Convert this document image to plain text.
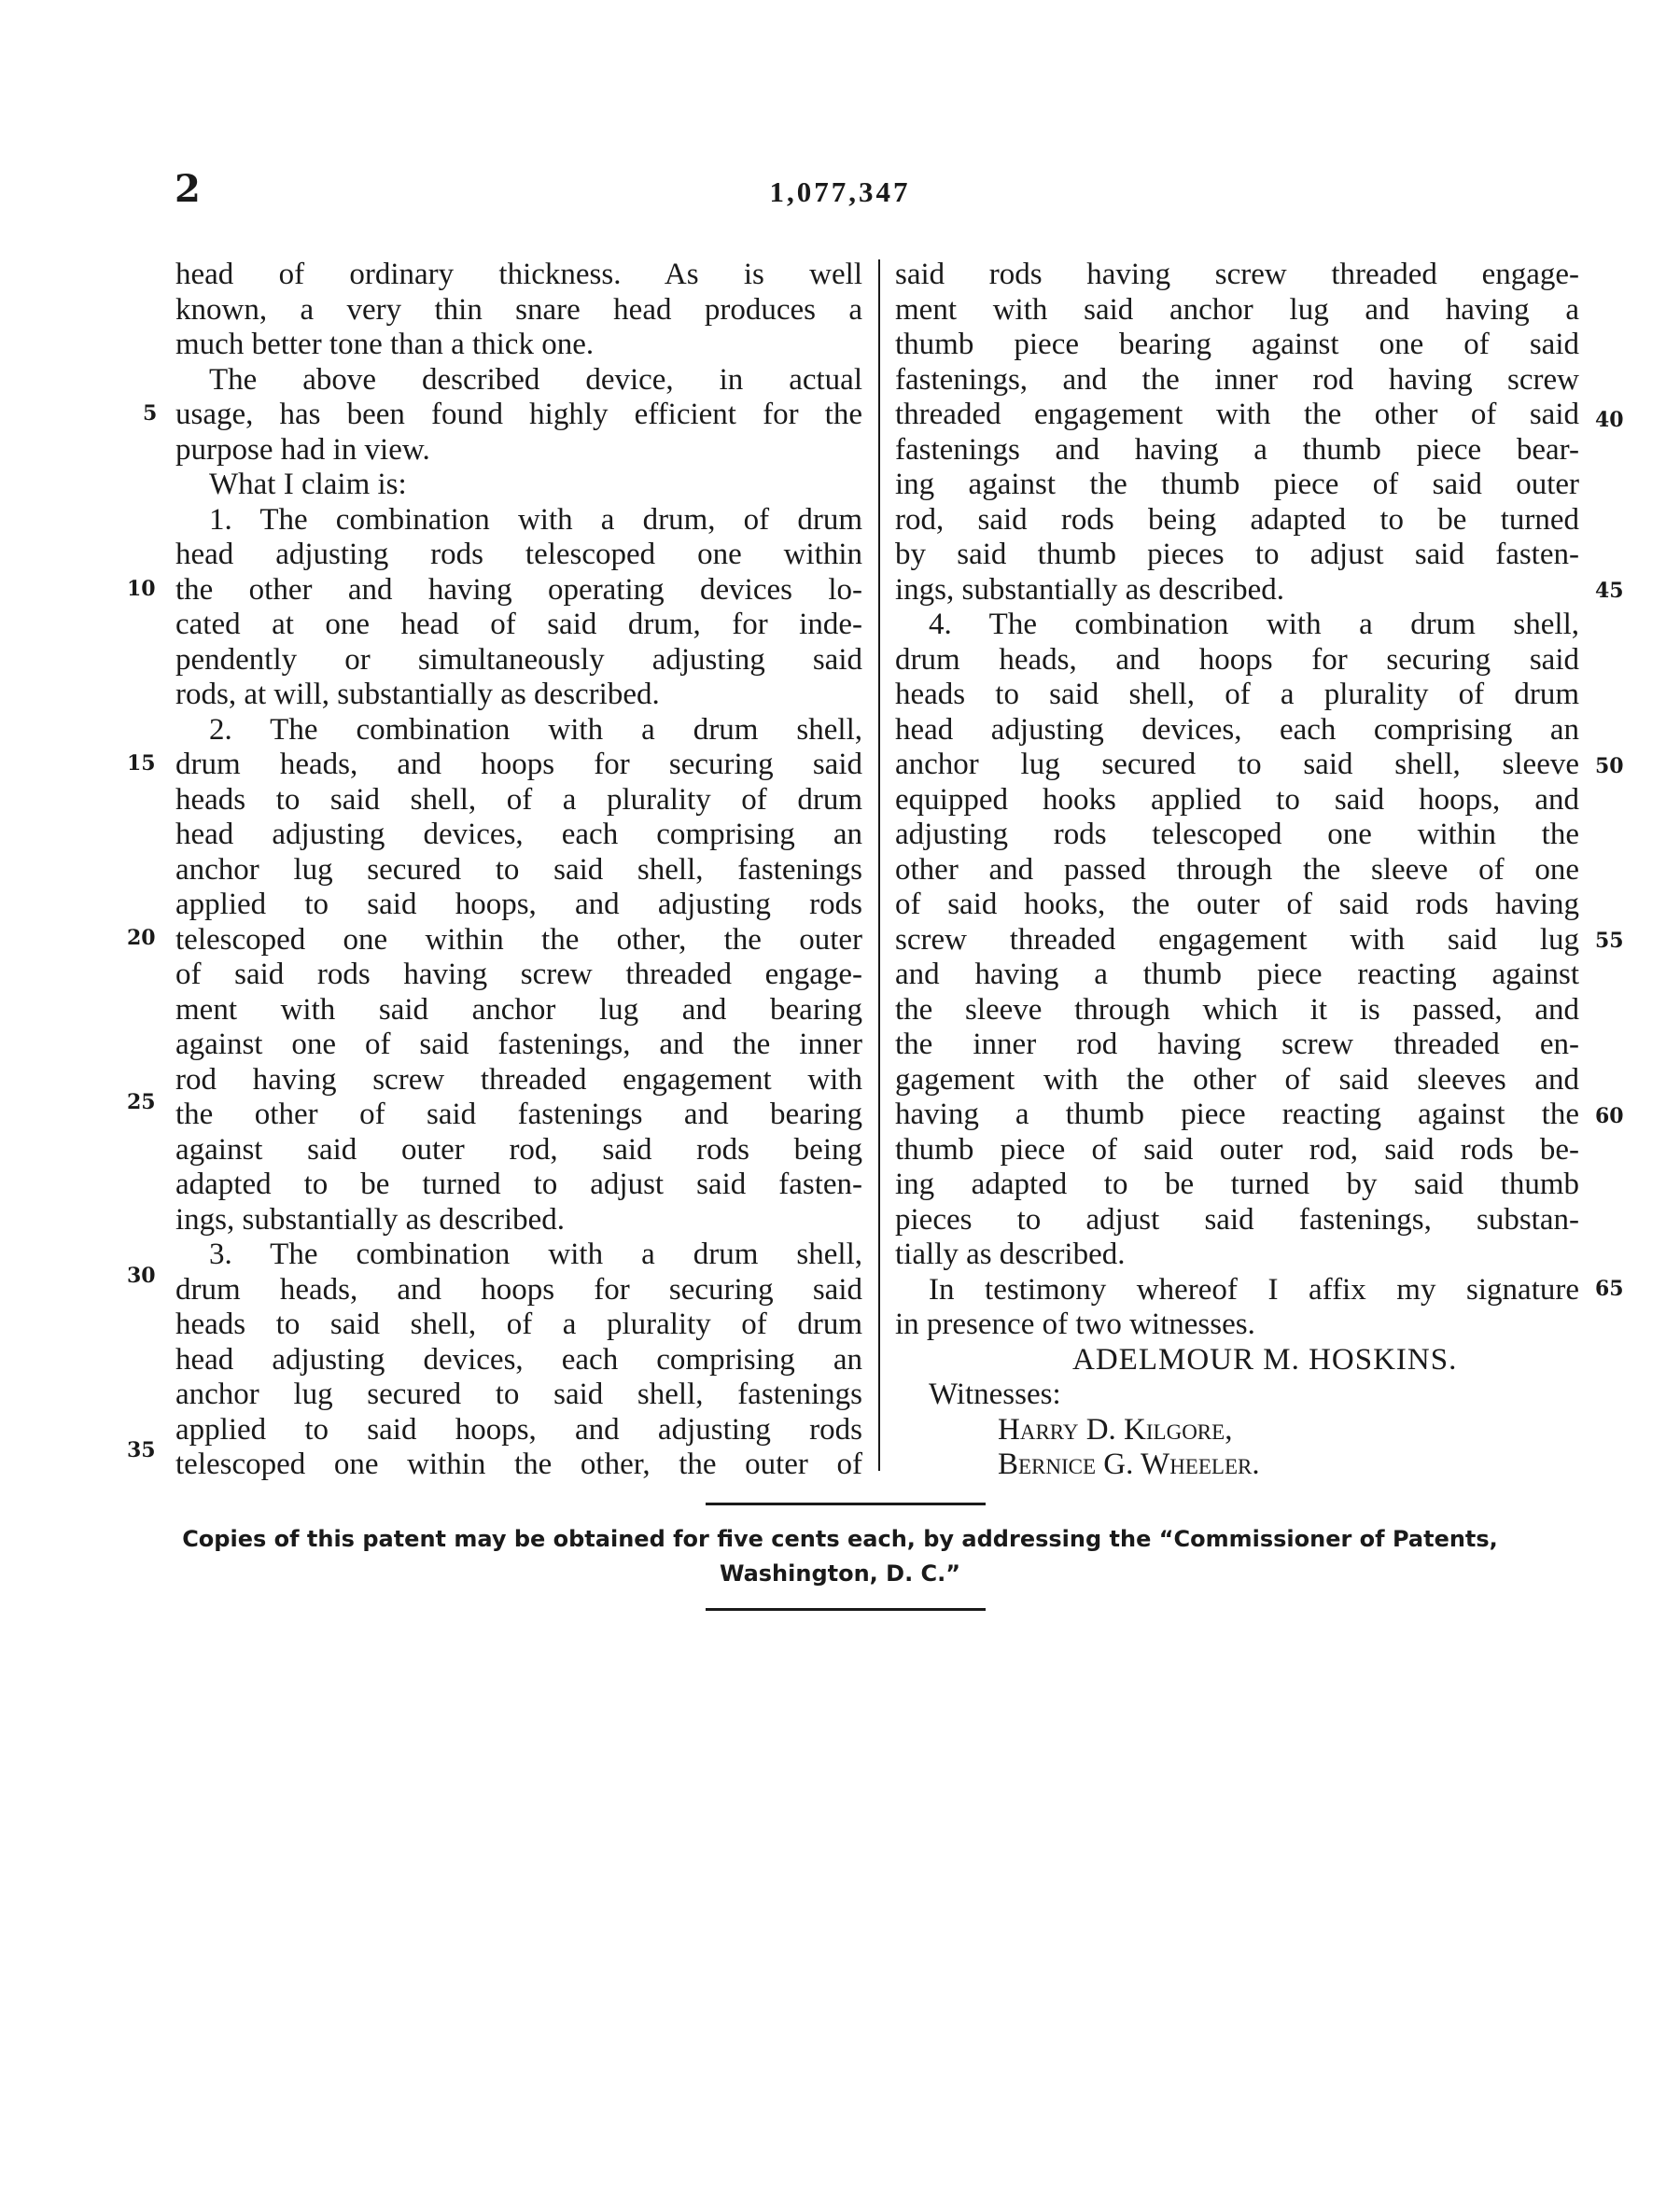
2	1,077,347
head of ordinary thickness. As is well
known, a very thin snare head produces a
much better tone than a thick one.
The above described device, in actual
usage, has been found highly efficient for the
purpose had in view.
What I claim is:
1. The combination with a drum, of drum
head adjusting rods telescoped one within
the other and having operating devices lo-
cated at one head of said drum, for inde-
pendently or simultaneously adjusting said
rods, at will, substantially as described.
2. The combination with a drum shell,
drum heads, and hoops for securing said
heads to said shell, of a plurality of drum
head adjusting devices, each comprising an
anchor lug secured to said shell, fastenings
applied to said hoops, and adjusting rods
telescoped one within the other, the outer
of said rods having screw threaded engage-
ment with said anchor lug and bearing
against one of said fastenings, and the inner
rod having screw threaded engagement with
the other of said fastenings and bearing
against said outer rod, said rods being
adapted to be turned to adjust said fasten-
ings, substantially as described.
3. The combination with a drum shell,
drum heads, and hoops for securing said
heads to said shell, of a plurality of drum
head adjusting devices, each comprising an
anchor lug secured to said shell, fastenings
applied to said hoops, and adjusting rods
telescoped one within the other, the outer of
5
10
15
20
25
30
35
said rods having screw threaded engage-
ment with said anchor lug and having a
thumb piece bearing against one of said
fastenings, and the inner rod having screw
threaded engagement with the other of said
fastenings and having a thumb piece bear-
ing against the thumb piece of said outer
rod, said rods being adapted to be turned
by said thumb pieces to adjust said fasten-
ings, substantially as described.
4. The combination with a drum shell,
drum heads, and hoops for securing said
heads to said shell, of a plurality of drum
head adjusting devices, each comprising an
anchor lug secured to said shell, sleeve
equipped hooks applied to said hoops, and
adjusting rods telescoped one within the
other and passed through the sleeve of one
of said hooks, the outer of said rods having
screw threaded engagement with said lug
and having a thumb piece reacting against
the sleeve through which it is passed, and
the inner rod having screw threaded en-
gagement with the other of said sleeves and
having a thumb piece reacting against the
thumb piece of said outer rod, said rods be-
ing adapted to be turned by said thumb
pieces to adjust said fastenings, substan-
tially as described.
In testimony whereof I affix my signature
in presence of two witnesses.
ADELMOUR M. HOSKINS.
Witnesses:
Harry D. Kilgore,
Bernice G. Wheeler.
40
45
50
55
60
65
Copies of this patent may be obtained for five cents each, by addressing the “Commissioner of Patents,
Washington, D. C.”
